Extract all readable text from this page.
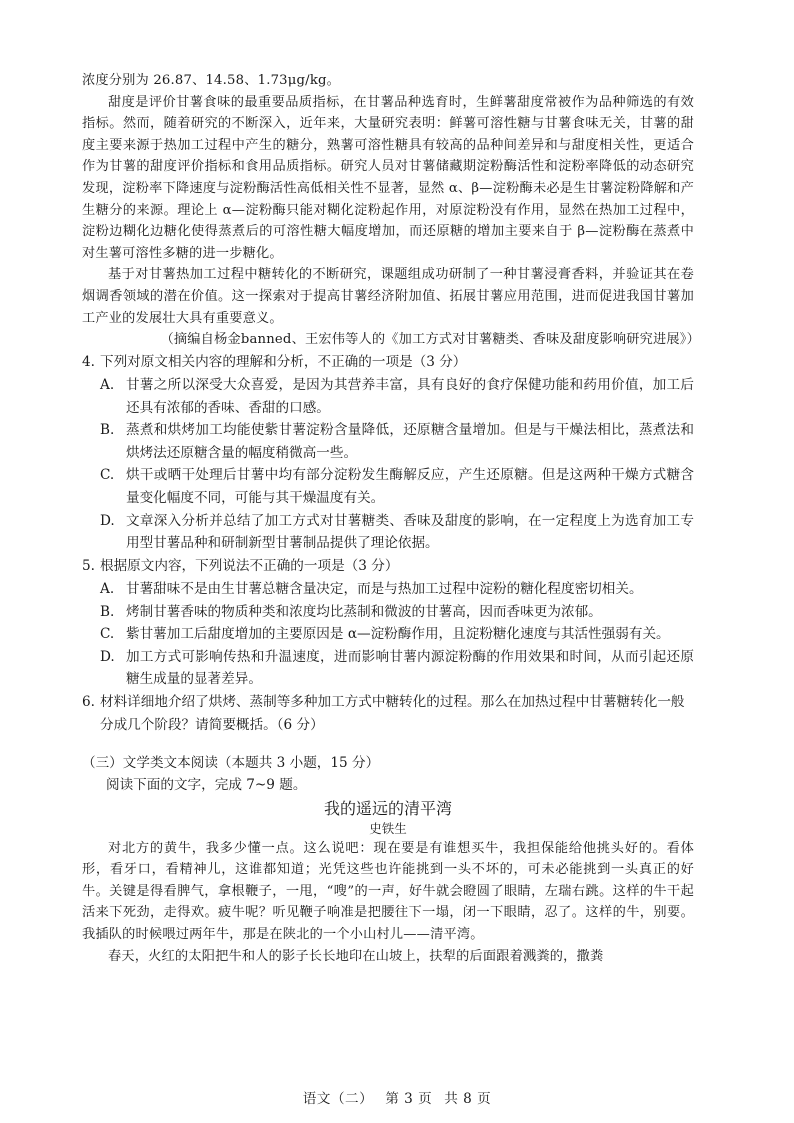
浓度分别为 26.87、14.58、1.73μg/kg。

甜度是评价甘薯食味的最重要品质指标，在甘薯品种选育时，生鲜薯甜度常被作为品种筛选的有效指标。然而，随着研究的不断深入，近年来，大量研究表明：鲜薯可溶性糖与甘薯食味无关，甘薯的甜度主要来源于热加工过程中产生的糖分，熟薯可溶性糖具有较高的品种间差异和与甜度相关性，更适合作为甘薯的甜度评价指标和食用品质指标。研究人员对甘薯储藏期淀粉酶活性和淀粉率降低的动态研究发现，淀粉率下降速度与淀粉酶活性高低相关性不显著，显然 α、β—淀粉酶未必是生甘薯淀粉降解和产生糖分的来源。理论上 α—淀粉酶只能对糊化淀粉起作用，对原淀粉没有作用，显然在热加工过程中，淀粉边糊化边糖化使得蒸煮后的可溶性糖大幅度增加，而还原糖的增加主要来自于 β—淀粉酶在蒸煮中对生薯可溶性多糖的进一步糖化。

基于对甘薯热加工过程中糖转化的不断研究，课题组成功研制了一种甘薯浸膏香料，并验证其在卷烟调香领域的潜在价值。这一探索对于提高甘薯经济附加值、拓展甘薯应用范围，进而促进我国甘薯加工产业的发展壮大具有重要意义。

（摘编自杨金banned、王宏伟等人的《加工方式对甘薯糖类、香味及甜度影响研究进展》）

4. 下列对原文相关内容的理解和分析，不正确的一项是（3 分）

A. 甘薯之所以深受大众喜爱，是因为其营养丰富，具有良好的食疗保健功能和药用价值，加工后还具有浓郁的香味、香甜的口感。

B. 蒸煮和烘烤加工均能使紫甘薯淀粉含量降低，还原糖含量增加。但是与干燥法相比，蒸煮法和烘烤法还原糖含量的幅度稍微高一些。

C. 烘干或晒干处理后甘薯中均有部分淀粉发生酶解反应，产生还原糖。但是这两种干燥方式糖含量变化幅度不同，可能与其干燥温度有关。

D. 文章深入分析并总结了加工方式对甘薯糖类、香味及甜度的影响，在一定程度上为选育加工专用型甘薯品种和研制新型甘薯制品提供了理论依据。

5. 根据原文内容，下列说法不正确的一项是（3 分）

A. 甘薯甜味不是由生甘薯总糖含量决定，而是与热加工过程中淀粉的糖化程度密切相关。

B. 烤制甘薯香味的物质种类和浓度均比蒸制和微波的甘薯高，因而香味更为浓郁。

C. 紫甘薯加工后甜度增加的主要原因是 α—淀粉酶作用，且淀粉糖化速度与其活性强弱有关。

D. 加工方式可影响传热和升温速度，进而影响甘薯内源淀粉酶的作用效果和时间，从而引起还原糖生成量的显著差异。

6. 材料详细地介绍了烘烤、蒸制等多种加工方式中糖转化的过程。那么在加热过程中甘薯糖转化一般分成几个阶段？请简要概括。（6 分）

（三）文学类文本阅读（本题共 3 小题，15 分）

阅读下面的文字，完成 7~9 题。

我的遥远的清平湾

史铁生

对北方的黄牛，我多少懂一点。这么说吧：现在要是有谁想买牛，我担保能给他挑头好的。看体形，看牙口，看精神儿，这谁都知道；光凭这些也许能挑到一头不坏的，可未必能挑到一头真正的好牛。关键是得看脾气，拿根鞭子，一甩，“嗖”的一声，好牛就会瞪圆了眼睛，左瑞右跳。这样的牛干起活来下死劲，走得欢。疲牛呢？听见鞭子响准是把腰往下一塌，闭一下眼睛，忍了。这样的牛，别要。我插队的时候喂过两年牛，那是在陕北的一个小山村儿——清平湾。

春天，火红的太阳把牛和人的影子长长地印在山坡上，扶犁的后面跟着溅粪的，撒粪

语文（二） 第 3 页 共 8 页
